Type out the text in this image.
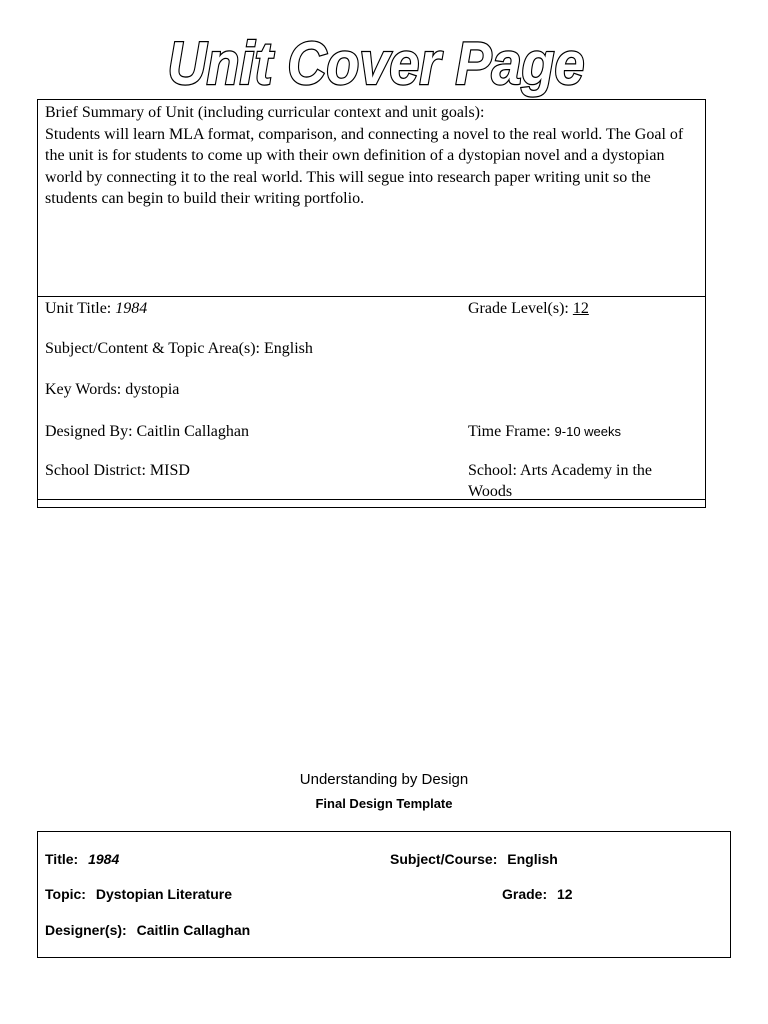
Unit Cover Page

Brief Summary of Unit (including curricular context and unit goals):

Students will learn MLA format, comparison, and connecting a novel to the real world. The Goal of the unit is for students to come up with their own definition of a dystopian novel and a dystopian world by connecting it to the real world. This will segue into research paper writing unit so the students can begin to build their writing portfolio.

Unit Title: 1984	Grade Level(s): 12
Subject/Content & Topic Area(s): English
Key Words: dystopia
Designed By: Caitlin Callaghan	Time Frame: 9-10 weeks
School District: MISD	School: Arts Academy in the Woods
Understanding by Design
Final Design Template
Title: 1984	Subject/Course: English
Topic: Dystopian Literature	Grade: 12
Designer(s): Caitlin Callaghan
